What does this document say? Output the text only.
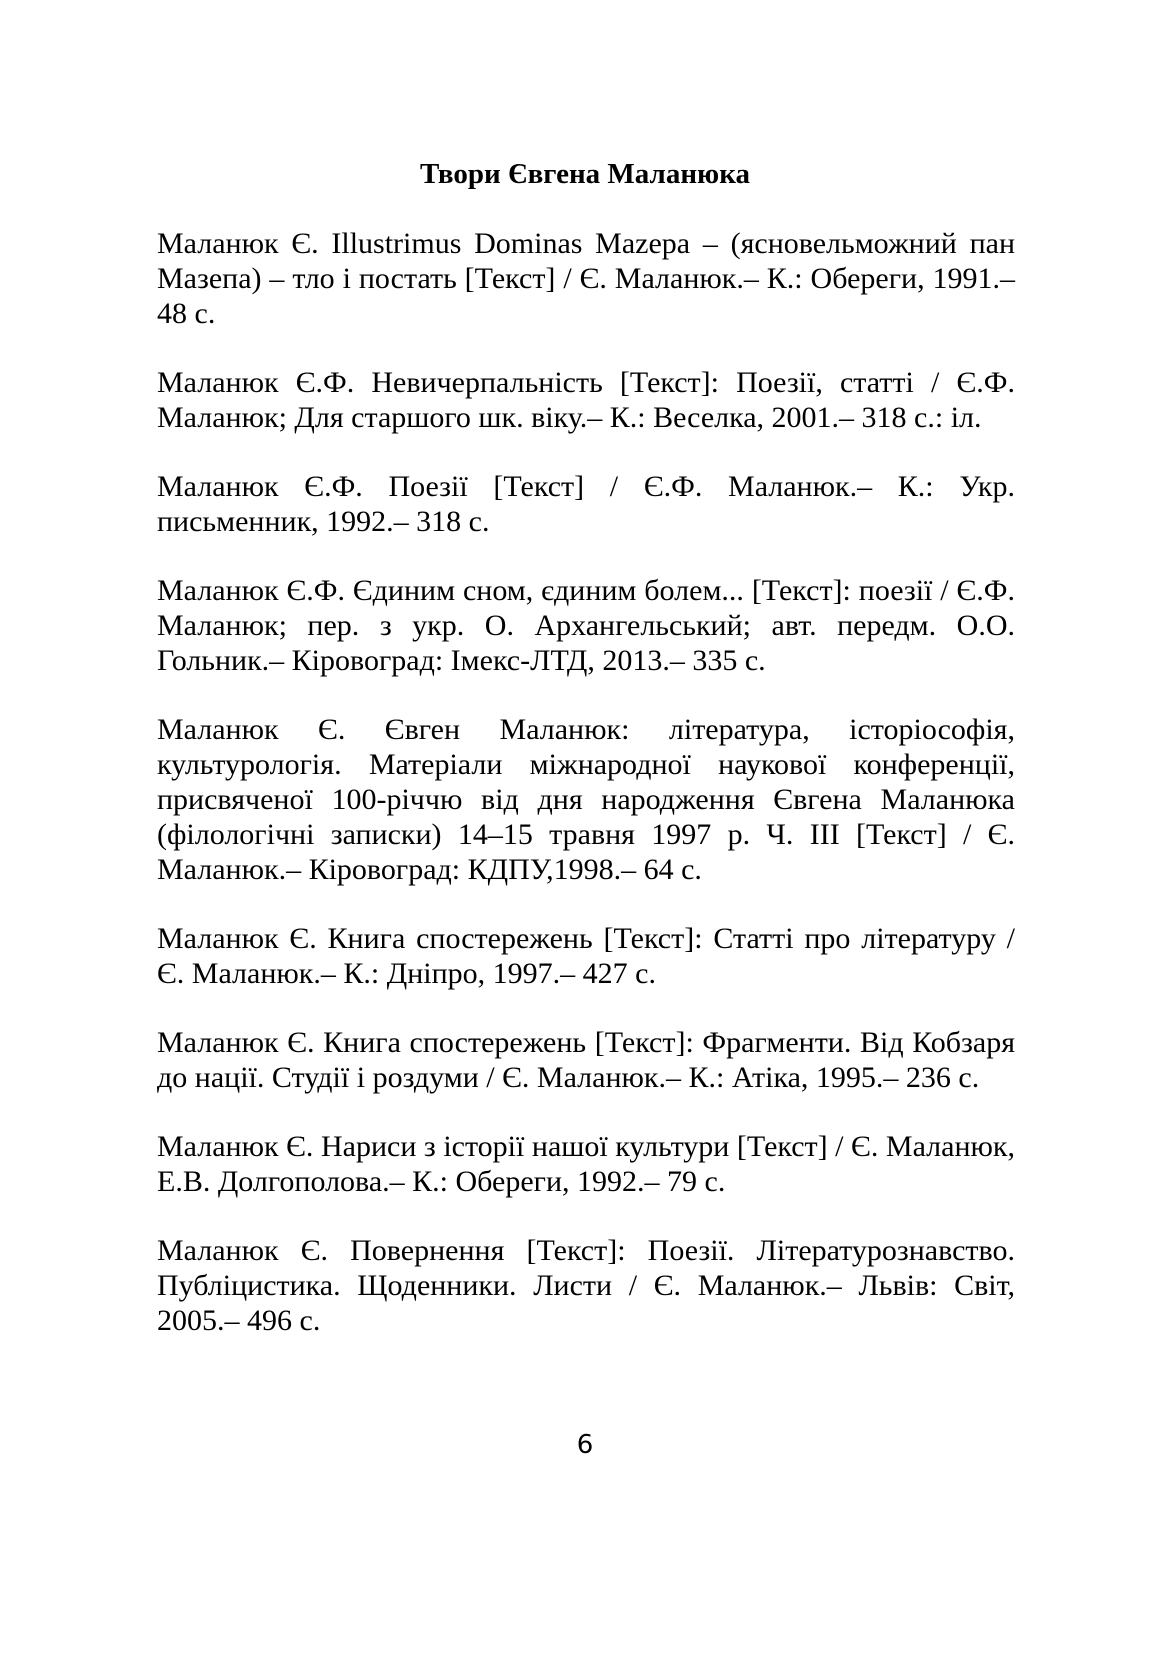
Твори Євгена Маланюка

Маланюк Є. Illustrimus Dominas Mazepa – (ясновельможний пан Мазепа) – тло і постать [Текст] / Є. Маланюк.– К.: Обереги, 1991.– 48 с.

Маланюк Є.Ф. Невичерпальність [Текст]: Поезії, статті / Є.Ф. Маланюк; Для старшого шк. віку.– К.: Веселка, 2001.– 318 с.: іл.

Маланюк Є.Ф. Поезії [Текст] / Є.Ф. Маланюк.– К.: Укр. письменник, 1992.– 318 с.

Маланюк Є.Ф. Єдиним сном, єдиним болем... [Текст]: поезії / Є.Ф. Маланюк; пер. з укр. О. Архангельський; авт. передм. О.О. Гольник.– Кіровоград: Імекс-ЛТД, 2013.– 335 с.

Маланюк Є. Євген Маланюк: література, історіософія, культурологія. Матеріали міжнародної наукової конференції, присвяченої 100-річчю від дня народження Євгена Маланюка (філологічні записки) 14–15 травня 1997 р. Ч. ІІІ [Текст] / Є. Маланюк.– Кіровоград: КДПУ,1998.– 64 с.

Маланюк Є. Книга спостережень [Текст]: Статті про літературу / Є. Маланюк.– К.: Дніпро, 1997.– 427 с.

Маланюк Є. Книга спостережень [Текст]: Фрагменти. Від Кобзаря до нації. Студії і роздуми / Є. Маланюк.– К.: Атіка, 1995.– 236 с.

Маланюк Є. Нариси з історії нашої культури [Текст] / Є. Маланюк, Е.В. Долгополова.– К.: Обереги, 1992.– 79 с.

Маланюк Є. Повернення [Текст]: Поезії. Літературознавство. Публіцистика. Щоденники. Листи / Є. Маланюк.– Львів: Світ, 2005.– 496 с.

6
